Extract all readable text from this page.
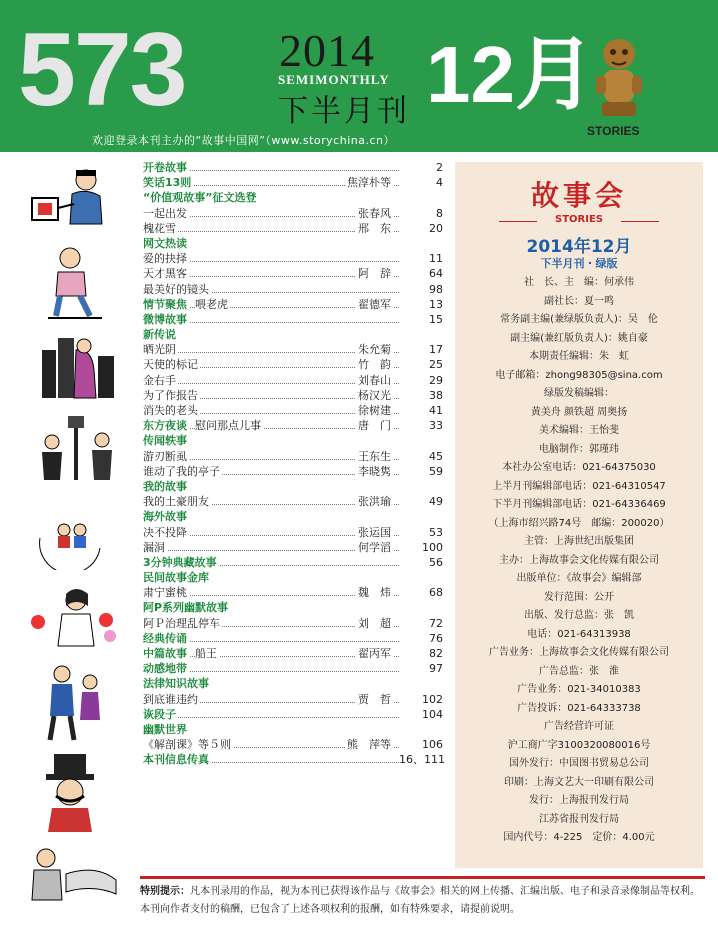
573 2014
SEMIMONTHLY
下半月刊 12月
STORIES
欢迎登录本刊主办的“故事中国网”（www.storychina.cn）
开卷故事	2
笑话13则	焦淳朴等	4
“价值观故事”征文选登
一起出发	张春风	8
槐花雪	邢　东	20
网文热读
爱的抉择	11
天才黑客	阿　辞	64
最美好的镜头	98
情节聚焦 喂老虎	翟德军	13
微博故事	15
新传说
晒光阴	朱允菊	17
天使的标记	竹　韵	25
金右手	刘春山	29
为了作报告	杨汉光	38
消失的老头	徐树建	41
东方夜谈 慰问那点儿事	唐　门	33
传闻轶事
游刃断虱	王东生	45
谁动了我的亭子	李晓隽	59
我的故事
我的土豪朋友	张洪瑜	49
海外故事
决不投降	张运国	53
漏洞	何学滔	100
3分钟典藏故事	56
民间故事金库
肃宁蜜桃	魏　炜	68
阿P系列幽默故事
阿Ｐ治理乱停车	刘　超	72
经典传诵	76
中篇故事 船王	翟丙军	82
动感地带	97
法律知识故事
到底谁违约	贾　哲	102
诙段子	104
幽默世界
《解剖课》等５则	熊　萍等	106
本刊信息传真	16、111
故事会
STORIES
2014年12月
下半月刊・绿版
社　长、主　编：何承伟
副社长：夏一鸣
常务副主编(兼绿版负责人)：吴　伦
副主编(兼红版负责人)：姚自豪
本期责任编辑：朱　虹
电子邮箱：zhong98305@sina.com
绿版发稿编辑：
黄美舟 颜铁超 周奥扬
美术编辑：王怡斐
电脑制作：郭瑾玮
本社办公室电话：021-64375030
上半月刊编辑部电话：021-64310547
下半月刊编辑部电话：021-64336469
（上海市绍兴路74号　邮编：200020）
主管：上海世纪出版集团
主办：上海故事会文化传媒有限公司
出版单位：《故事会》编辑部
发行范围：公开
出版、发行总监：张　凯
电话：021-64313938
广告业务：上海故事会文化传媒有限公司
广告总监：张　淮
广告业务：021-34010383
广告投诉：021-64333738
广告经营许可证
沪工商广字3100320080016号
国外发行：中国图书贸易总公司
印刷：上海文艺大一印刷有限公司
发行：上海报刊发行局
江苏省报刊发行局
国内代号：4-225　定价：4.00元
特别提示：凡本刊录用的作品，视为本刊已获得该作品与《故事会》相关的网上传播、汇编出版、电子和录音录像制品等权利。本刊向作者支付的稿酬，已包含了上述各项权利的报酬，如有特殊要求，请提前说明。
